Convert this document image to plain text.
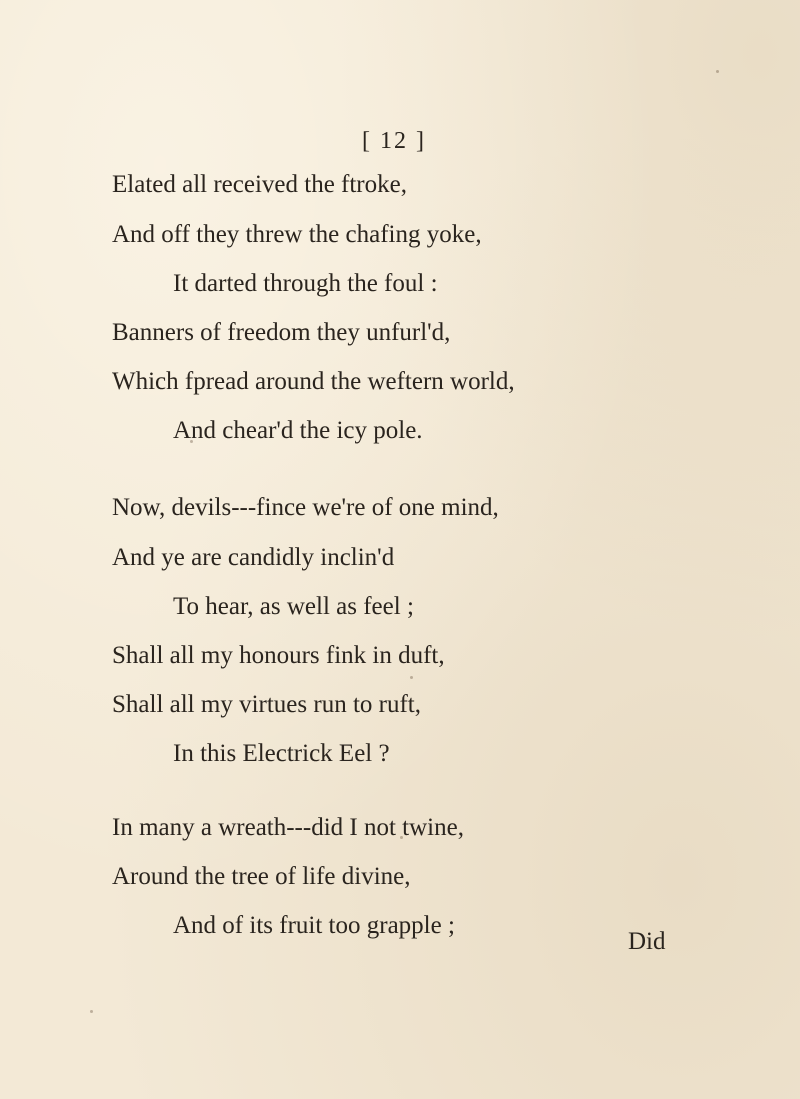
[ 12 ]
Elated all received the ftroke,
And off they threw the chafing yoke,
It darted through the foul :
Banners of freedom they unfurl'd,
Which fpread around the weftern world,
And chear'd the icy pole.
Now, devils---fince we're of one mind,
And ye are candidly inclin'd
To hear, as well as feel ;
Shall all my honours fink in duft,
Shall all my virtues run to ruft,
In this Electrick Eel ?
In many a wreath---did I not twine,
Around the tree of life divine,
And of its fruit too grapple ;
Did
